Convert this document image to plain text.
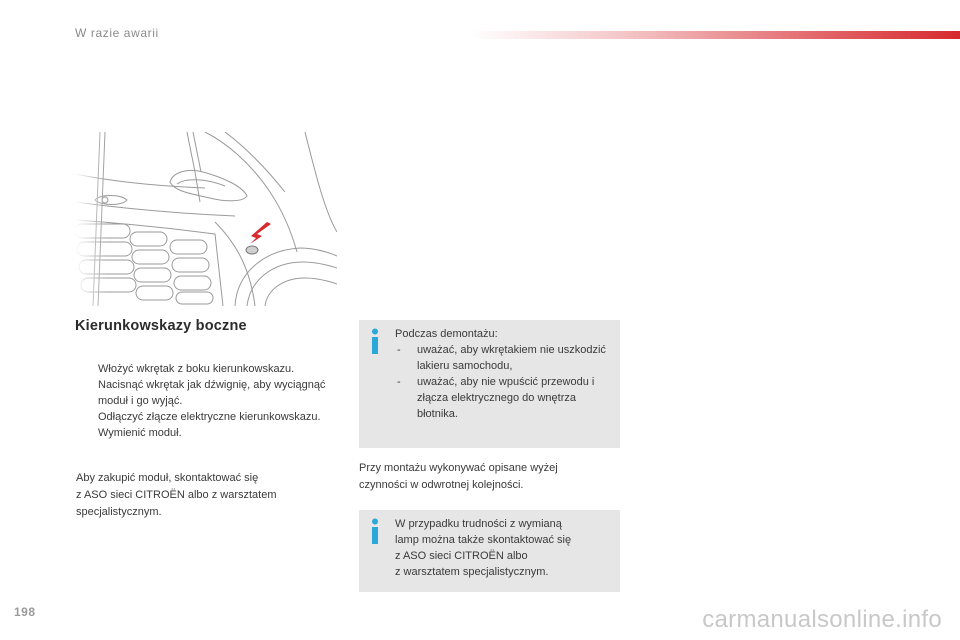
W razie awarii
Kierunkowskazy boczne
Włożyć wkrętak z boku kierunkowskazu.
Nacisnąć wkrętak jak dźwignię, aby wyciągnąć moduł i go wyjąć.
Odłączyć złącze elektryczne kierunkowskazu.
Wymienić moduł.
Aby zakupić moduł, skontaktować się
z ASO sieci CITROËN albo z warsztatem
specjalistycznym.
Podczas demontażu:
- uważać, aby wkrętakiem nie uszkodzić lakieru samochodu,
- uważać, aby nie wpuścić przewodu i złącza elektrycznego do wnętrza błotnika.
Przy montażu wykonywać opisane wyżej
czynności w odwrotnej kolejności.
W przypadku trudności z wymianą
lamp można także skontaktować się
z ASO sieci CITROËN albo
z warsztatem specjalistycznym.
198	carmanualsonline.info
